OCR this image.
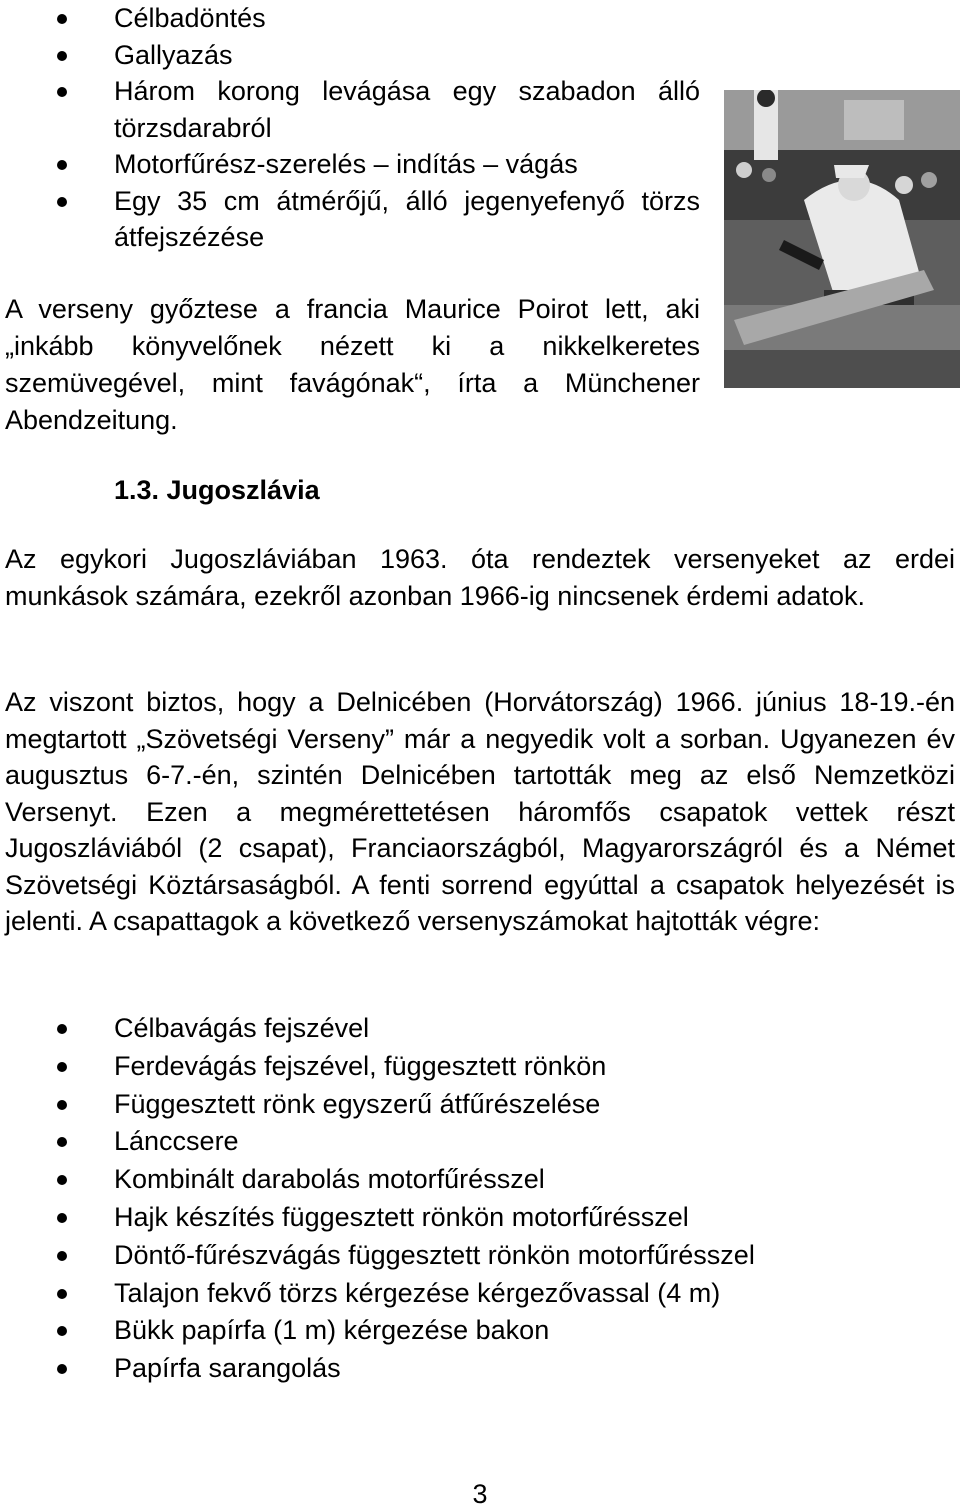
Célbadöntés
Gallyazás
Három korong levágása egy szabadon álló törzsdarabról
Motorfűrész-szerelés – indítás – vágás
Egy 35 cm átmérőjű, álló jegenyefenyő törzs átfejszézése

A verseny győztese a francia Maurice Poirot lett, aki „inkább könyvelőnek nézett ki a nikkelkeretes szemüvegével, mint favágónak“, írta a Münchener Abendzeitung.

1.3. Jugoszlávia

Az egykori Jugoszláviában 1963. óta rendeztek versenyeket az erdei munkások számára, ezekről azonban 1966-ig nincsenek érdemi adatok.

Az viszont biztos, hogy a Delnicében (Horvátország) 1966. június 18-19.-én megtartott „Szövetségi Verseny” már a negyedik volt a sorban. Ugyanezen év augusztus 6-7.-én, szintén Delnicében tartották meg az első Nemzetközi Versenyt. Ezen a megmérettetésen háromfős csapatok vettek részt Jugoszláviából (2 csapat), Franciaországból, Magyarországról és a Német Szövetségi Köztársaságból. A fenti sorrend egyúttal a csapatok helyezését is jelenti. A csapattagok a következő versenyszámokat hajtották végre:

Célbavágás fejszével
Ferdevágás fejszével, függesztett rönkön
Függesztett rönk egyszerű átfűrészelése
Lánccsere
Kombinált darabolás motorfűrésszel
Hajk készítés függesztett rönkön motorfűrésszel
Döntő-fűrészvágás függesztett rönkön motorfűrésszel
Talajon fekvő törzs kérgezése kérgezővassal (4 m)
Bükk papírfa (1 m) kérgezése bakon
Papírfa sarangolás
3
